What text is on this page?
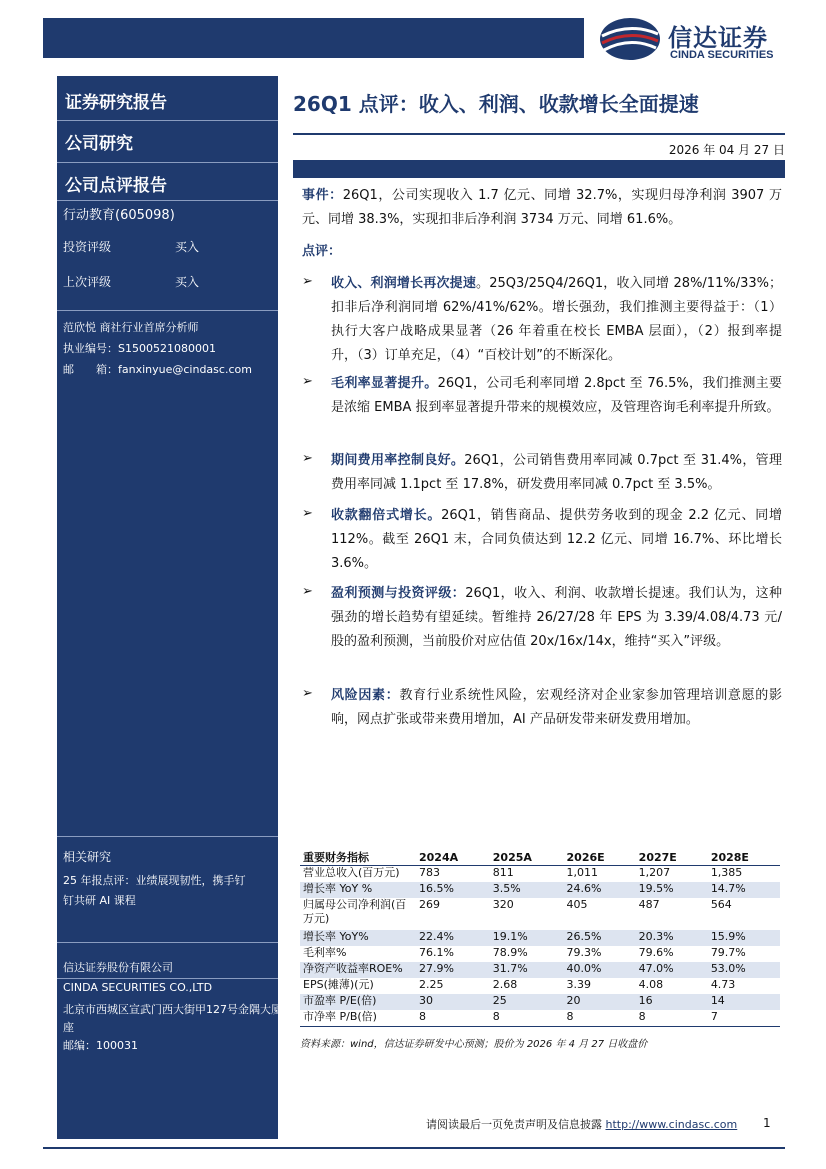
信达证券
CINDA SECURITIES
证券研究报告
公司研究
公司点评报告
行动教育(605098)
投资评级	买入
上次评级	买入
范欣悦 商社行业首席分析师
执业编号：S1500521080001
邮　　箱：fanxinyue@cindasc.com
相关研究
25 年报点评：业绩展现韧性，携手钉
钉共研 AI 课程
信达证券股份有限公司
CINDA SECURITIES CO.,LTD
北京市西城区宣武门西大街甲127号金隅大厦B
座
邮编：100031
26Q1 点评：收入、利润、收款增长全面提速
2026 年 04 月 27 日
事件：26Q1，公司实现收入 1.7 亿元、同增 32.7%，实现归母净利润 3907 万元、同增 38.3%，实现扣非后净利润 3734 万元、同增 61.6%。
点评：
➢ 收入、利润增长再次提速。25Q3/25Q4/26Q1，收入同增 28%/11%/33%；扣非后净利润同增 62%/41%/62%。增长强劲，我们推测主要得益于：（1）执行大客户战略成果显著（26 年着重在校长 EMBA 层面），（2）报到率提升，（3）订单充足，（4）“百校计划”的不断深化。
➢ 毛利率显著提升。26Q1，公司毛利率同增 2.8pct 至 76.5%，我们推测主要是浓缩 EMBA 报到率显著提升带来的规模效应，及管理咨询毛利率提升所致。
➢ 期间费用率控制良好。26Q1，公司销售费用率同减 0.7pct 至 31.4%，管理费用率同减 1.1pct 至 17.8%，研发费用率同减 0.7pct 至 3.5%。
➢ 收款翻倍式增长。26Q1，销售商品、提供劳务收到的现金 2.2 亿元、同增 112%。截至 26Q1 末，合同负债达到 12.2 亿元、同增 16.7%、环比增长 3.6%。
➢ 盈利预测与投资评级：26Q1，收入、利润、收款增长提速。我们认为，这种强劲的增长趋势有望延续。暂维持 26/27/28 年 EPS 为 3.39/4.08/4.73 元/股的盈利预测，当前股价对应估值 20x/16x/14x，维持“买入”评级。
➢ 风险因素：教育行业系统性风险，宏观经济对企业家参加管理培训意愿的影响，网点扩张或带来费用增加，AI 产品研发带来研发费用增加。
重要财务指标	2024A	2025A	2026E	2027E	2028E
营业总收入(百万元)	783	811	1,011	1,207	1,385
增长率 YoY %	16.5%	3.5%	24.6%	19.5%	14.7%
归属母公司净利润(百万元)	269	320	405	487	564
增长率 YoY%	22.4%	19.1%	26.5%	20.3%	15.9%
毛利率%	76.1%	78.9%	79.3%	79.6%	79.7%
净资产收益率ROE%	27.9%	31.7%	40.0%	47.0%	53.0%
EPS(摊薄)(元)	2.25	2.68	3.39	4.08	4.73
市盈率 P/E(倍)	30	25	20	16	14
市净率 P/B(倍)	8	8	8	8	7
资料来源：wind，信达证券研发中心预测；股价为 2026 年 4 月 27 日收盘价
请阅读最后一页免责声明及信息披露 http://www.cindasc.com 1
